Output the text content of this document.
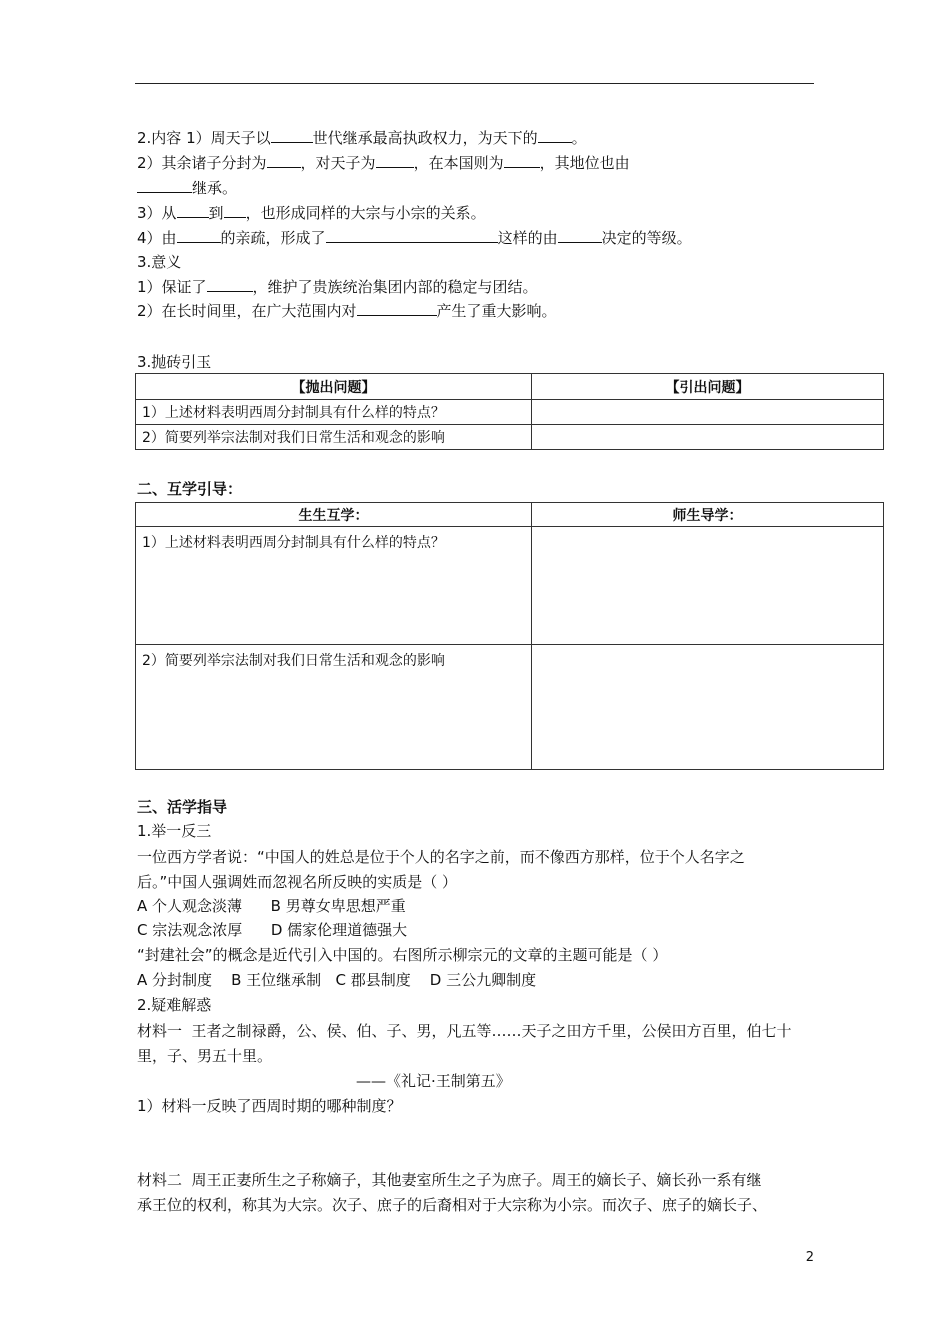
2.内容 1）周天子以	世代继承最高执政权力，为天下的 。
2）其余诸子分封为 ，对天子为	，在本国则为 ，其地位也由
继承。
3）从 到 ，也形成同样的大宗与小宗的关系。
4）由	的亲疏，形成了	这样的由	决定的等级。
3.意义
1）保证了	，维护了贵族统治集团内部的稳定与团结。
2）在长时间里，在广大范围内对	产生了重大影响。
3.抛砖引玉
【抛出问题】	【引出问题】
1）上述材料表明西周分封制具有什么样的特点？	
2）简要列举宗法制对我们日常生活和观念的影响	
二、互学引导：
生生互学：	师生导学：
1）上述材料表明西周分封制具有什么样的特点？	
2）简要列举宗法制对我们日常生活和观念的影响	
三、活学指导
1.举一反三
一位西方学者说：“中国人的姓总是位于个人的名字之前，而不像西方那样，位于个人名字之
后。”中国人强调姓而忽视名所反映的实质是（ ）
A 个人观念淡薄      B 男尊女卑思想严重
C 宗法观念浓厚      D 儒家伦理道德强大
“封建社会”的概念是近代引入中国的。右图所示柳宗元的文章的主题可能是（ ）
A 分封制度    B 王位继承制   C 郡县制度    D 三公九卿制度
2.疑难解惑
材料一  王者之制禄爵，公、侯、伯、子、男，凡五等……天子之田方千里，公侯田方百里，伯七十
里，子、男五十里。
——《礼记·王制第五》
1）材料一反映了西周时期的哪种制度？
材料二  周王正妻所生之子称嫡子，其他妻室所生之子为庶子。周王的嫡长子、嫡长孙一系有继
承王位的权利，称其为大宗。次子、庶子的后裔相对于大宗称为小宗。而次子、庶子的嫡长子、
2
